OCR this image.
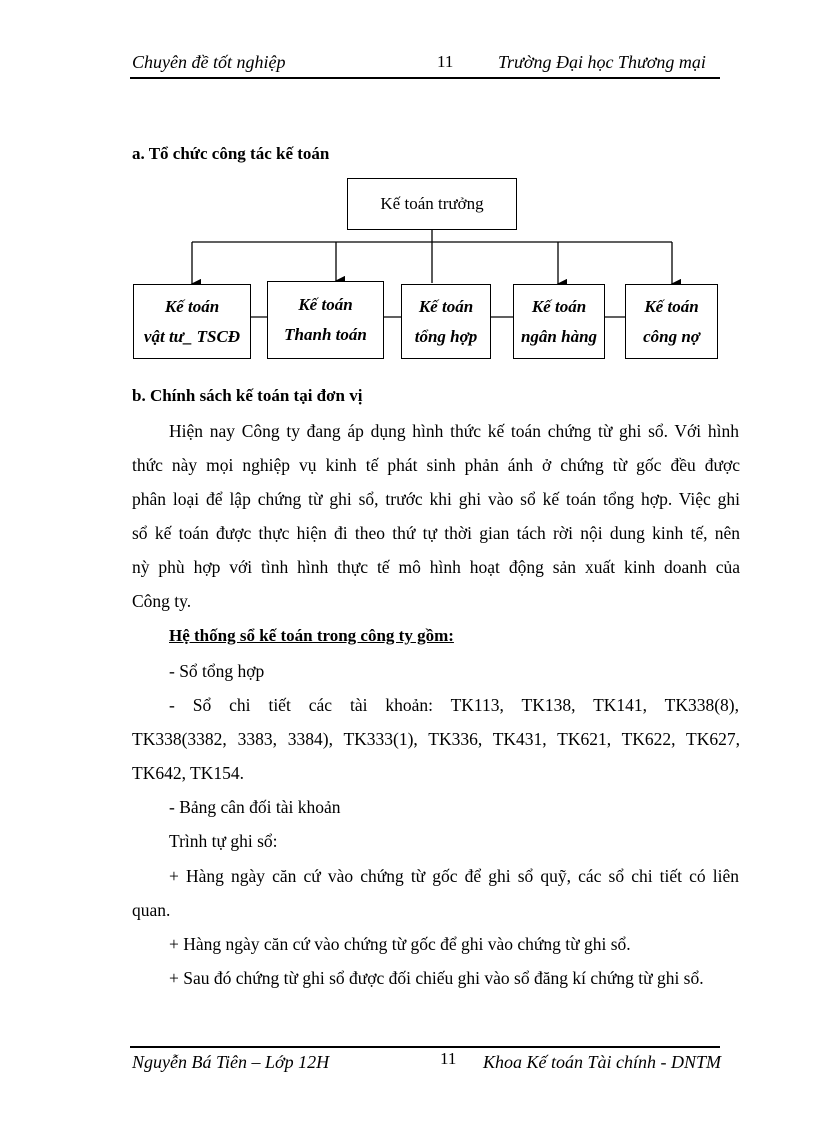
Chuyên đề tốt nghiệp	11 Trường Đại học Thương mại
a. Tổ chức công tác kế toán
Kế toán trưởng
Kế toán
vật tư_ TSCĐ
Kế toán
Thanh toán
Kế toán
tổng hợp
Kế toán
ngân hàng
Kế toán
công nợ
b. Chính sách kế toán tại đơn vị
Hiện nay Công ty đang áp dụng hình thức kế toán chứng từ ghi sổ. Với hình
thức này mọi nghiệp vụ kinh tế phát sinh phản ánh ở chứng từ gốc đều được
phân loại để lập chứng từ ghi sổ, trước khi ghi vào sổ kế toán tổng hợp. Việc ghi
sổ kế toán được thực hiện đi theo thứ tự thời gian tách rời nội dung kinh tế, nên
nỳ phù hợp với tình hình thực tế mô hình hoạt động sản xuất kinh doanh của
Công ty.
Hệ thống sổ kế toán trong công ty gồm:
- Sổ tổng hợp
- Sổ chi tiết các tài khoản: TK113, TK138, TK141, TK338(8),
TK338(3382, 3383, 3384), TK333(1), TK336, TK431, TK621, TK622, TK627,
TK642, TK154.
- Bảng cân đối tài khoản
Trình tự ghi sổ:
+ Hàng ngày căn cứ vào chứng từ gốc để ghi sổ quỹ, các sổ chi tiết có liên
quan.
+ Hàng ngày căn cứ vào chứng từ gốc để ghi vào chứng từ ghi sổ.
+ Sau đó chứng từ ghi sổ được đối chiếu ghi vào sổ đăng kí chứng từ ghi sổ.
Nguyễn Bá Tiên – Lớp 12H	11 Khoa Kế toán Tài chính - DNTM
